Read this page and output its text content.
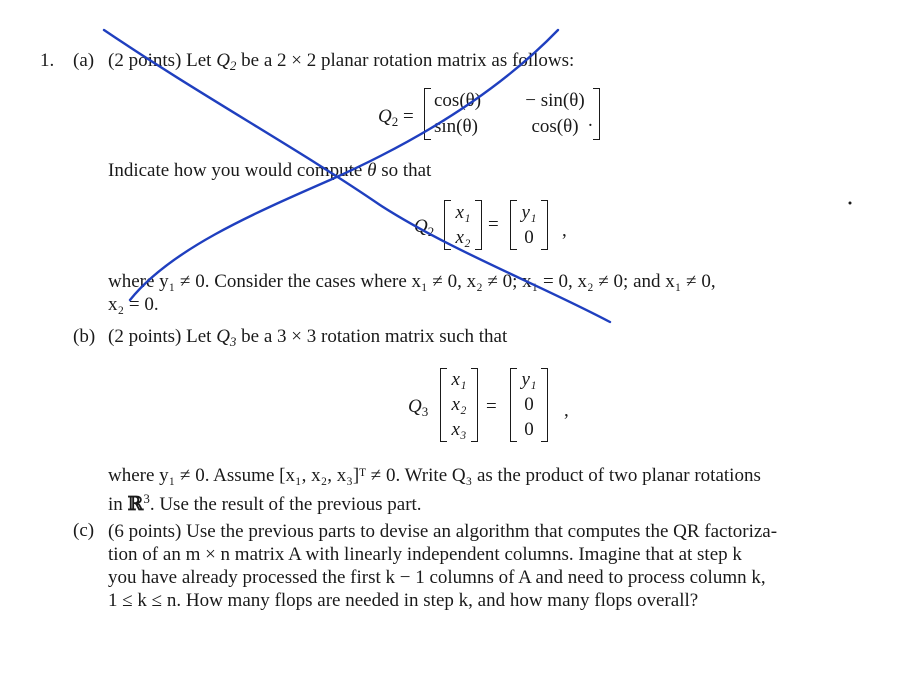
1. (a) (2 points) Let $Q_2$ be a 2 × 2 planar rotation matrix as follows:
$Q_2$ =
cos(θ)	− sin(θ)
sin(θ)	cos(θ) .
Indicate how you would compute θ so that
$Q_2$
x₁
x₂
=
y₁
0 ,
where y₁ ≠ 0. Consider the cases where x₁ ≠ 0, x₂ ≠ 0; x₁ = 0, x₂ ≠ 0; and x₁ ≠ 0,
x₂ = 0.
(b) (2 points) Let $Q_3$ be a 3 × 3 rotation matrix such that
$Q_3$
x₁
x₂
x₃
=
y₁
0
0
,
where y₁ ≠ 0. Assume [x₁, x₂, x₃]ᵀ ≠ 0. Write Q₃ as the product of two planar rotations
in ℝ$^3$. Use the result of the previous part.
(c) (6 points) Use the previous parts to devise an algorithm that computes the QR factoriza-
tion of an m × n matrix A with linearly independent columns. Imagine that at step k
you have already processed the first k − 1 columns of A and need to process column k,
1 ≤ k ≤ n. How many flops are needed in step k, and how many flops overall?
